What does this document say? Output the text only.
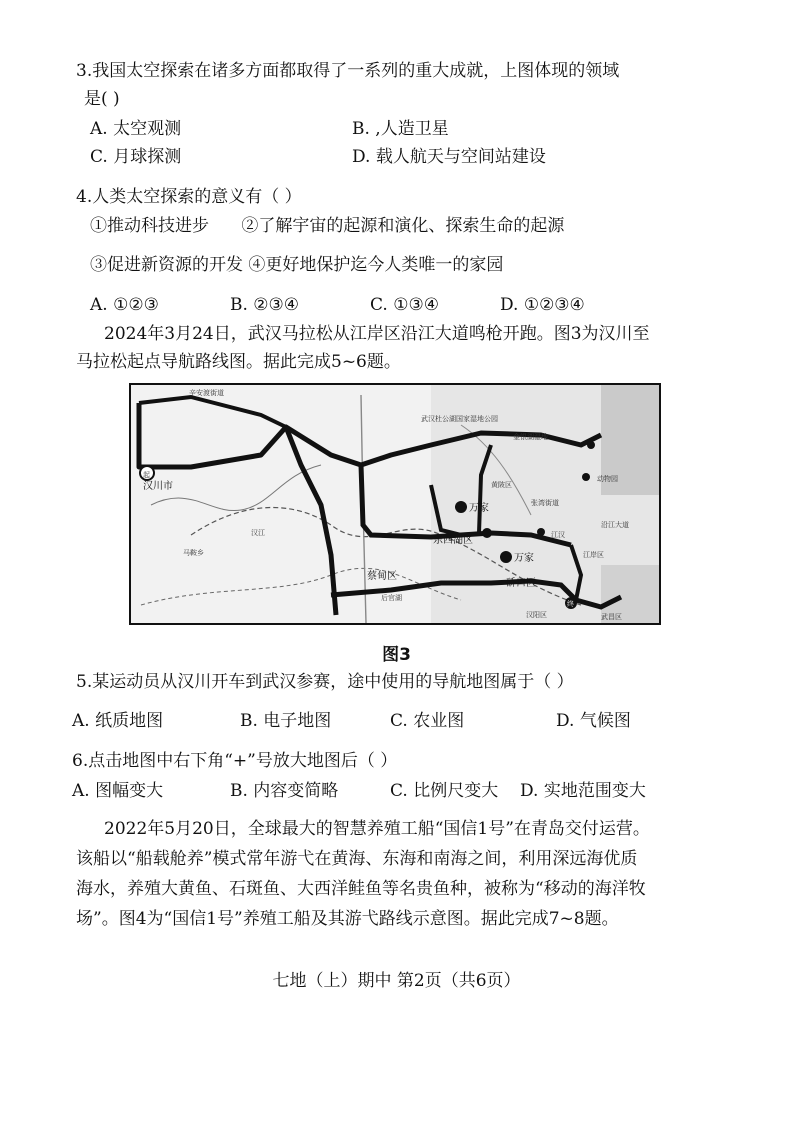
3.我国太空探索在诸多方面都取得了一系列的重大成就，上图体现的领域
是( )
A. 太空观测	B. ,人造卫星
C. 月球探测	D. 载人航天与空间站建设
4.人类太空探索的意义有（ ）
①推动科技进步      ②了解宇宙的起源和演化、探索生命的起源
③促进新资源的开发 ④更好地保护迄今人类唯一的家园
A. ①②③	B. ②③④	C. ①③④	D. ①②③④
2024年3月24日，武汉马拉松从江岸区沿江大道鸣枪开跑。图3为汉川至
马拉松起点导航路线图。据此完成5~6题。
起
终
汉川市
东西湖区
蔡甸区
硚口区
万家
万家
江汉
辛安渡街道
武汉杜公湖国家湿地公园
金银湖湿地
动物园
黄陂区
汉江
汉阳区	武昌区
江岸区
后官湖
马鞍乡
张湾街道
沿江大道
图3
5.某运动员从汉川开车到武汉参赛，途中使用的导航地图属于（ ）
A. 纸质地图	B. 电子地图	C. 农业图	D. 气候图
6.点击地图中右下角“+”号放大地图后（ ）
A. 图幅变大	B. 内容变简略	C. 比例尺变大 D. 实地范围变大
2022年5月20日，全球最大的智慧养殖工船“国信1号”在青岛交付运营。
该船以“船载舱养”模式常年游弋在黄海、东海和南海之间，利用深远海优质
海水，养殖大黄鱼、石斑鱼、大西洋鲑鱼等名贵鱼种，被称为“移动的海洋牧
场”。图4为“国信1号”养殖工船及其游弋路线示意图。据此完成7~8题。
七地（上）期中 第2页（共6页）
